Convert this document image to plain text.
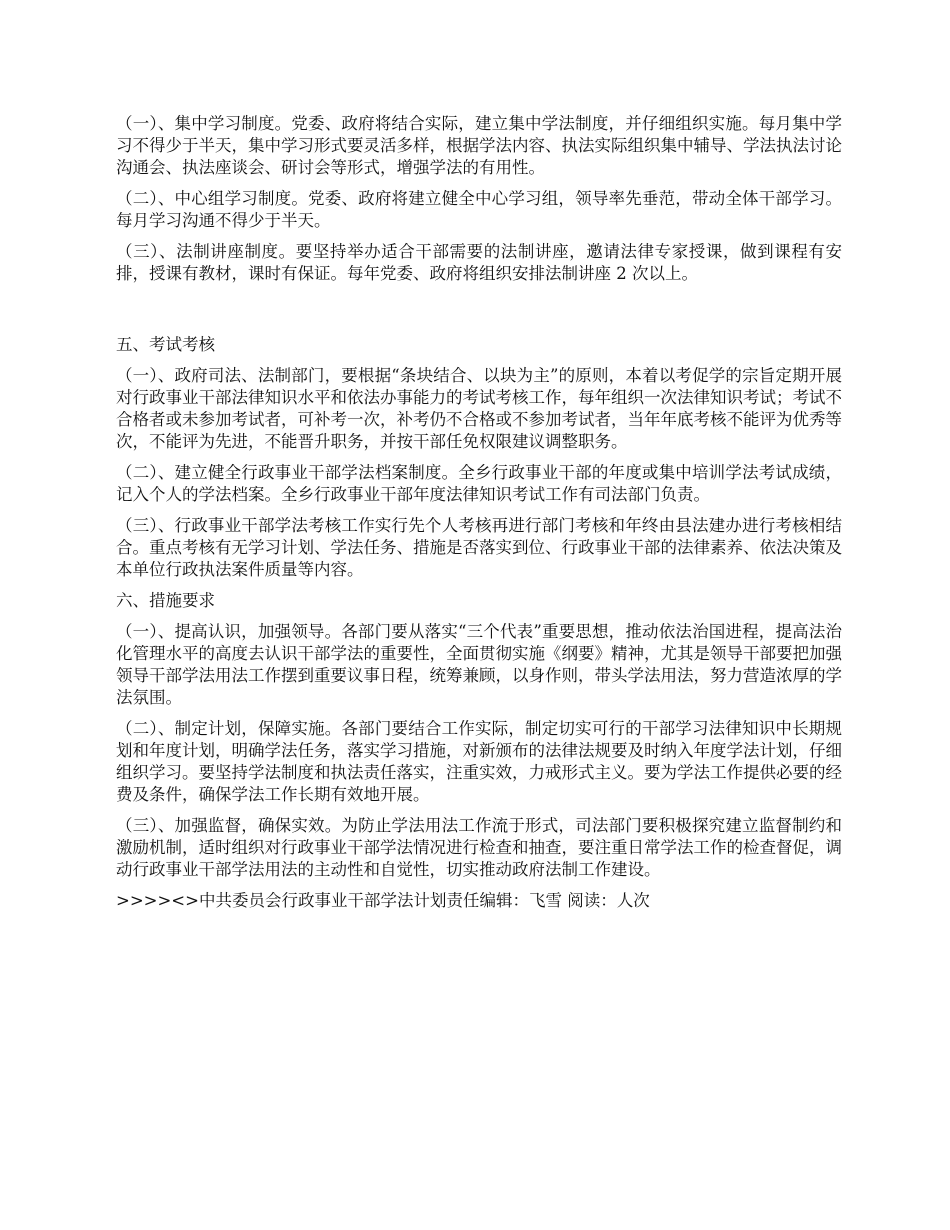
（一）、集中学习制度。党委、政府将结合实际，建立集中学法制度，并仔细组织实施。每月集中学习不得少于半天，集中学习形式要灵活多样，根据学法内容、执法实际组织集中辅导、学法执法讨论沟通会、执法座谈会、研讨会等形式，增强学法的有用性。

（二）、中心组学习制度。党委、政府将建立健全中心学习组，领导率先垂范，带动全体干部学习。每月学习沟通不得少于半天。

（三）、法制讲座制度。要坚持举办适合干部需要的法制讲座，邀请法律专家授课，做到课程有安排，授课有教材，课时有保证。每年党委、政府将组织安排法制讲座 2 次以上。

五、考试考核

（一）、政府司法、法制部门，要根据“条块结合、以块为主”的原则，本着以考促学的宗旨定期开展对行政事业干部法律知识水平和依法办事能力的考试考核工作，每年组织一次法律知识考试；考试不合格者或未参加考试者，可补考一次，补考仍不合格或不参加考试者，当年年底考核不能评为优秀等次，不能评为先进，不能晋升职务，并按干部任免权限建议调整职务。

（二）、建立健全行政事业干部学法档案制度。全乡行政事业干部的年度或集中培训学法考试成绩，记入个人的学法档案。全乡行政事业干部年度法律知识考试工作有司法部门负责。

（三）、行政事业干部学法考核工作实行先个人考核再进行部门考核和年终由县法建办进行考核相结合。重点考核有无学习计划、学法任务、措施是否落实到位、行政事业干部的法律素养、依法决策及本单位行政执法案件质量等内容。

六、措施要求

（一）、提高认识，加强领导。各部门要从落实“三个代表”重要思想，推动依法治国进程，提高法治化管理水平的高度去认识干部学法的重要性，全面贯彻实施《纲要》精神，尤其是领导干部要把加强领导干部学法用法工作摆到重要议事日程，统筹兼顾，以身作则，带头学法用法，努力营造浓厚的学法氛围。

（二）、制定计划，保障实施。各部门要结合工作实际，制定切实可行的干部学习法律知识中长期规划和年度计划，明确学法任务，落实学习措施，对新颁布的法律法规要及时纳入年度学法计划，仔细组织学习。要坚持学法制度和执法责任落实，注重实效，力戒形式主义。要为学法工作提供必要的经费及条件，确保学法工作长期有效地开展。

（三）、加强监督，确保实效。为防止学法用法工作流于形式，司法部门要积极探究建立监督制约和激励机制，适时组织对行政事业干部学法情况进行检查和抽查，要注重日常学法工作的检查督促，调动行政事业干部学法用法的主动性和自觉性，切实推动政府法制工作建设。

>>>><>中共委员会行政事业干部学法计划责任编辑：飞雪 阅读：人次
